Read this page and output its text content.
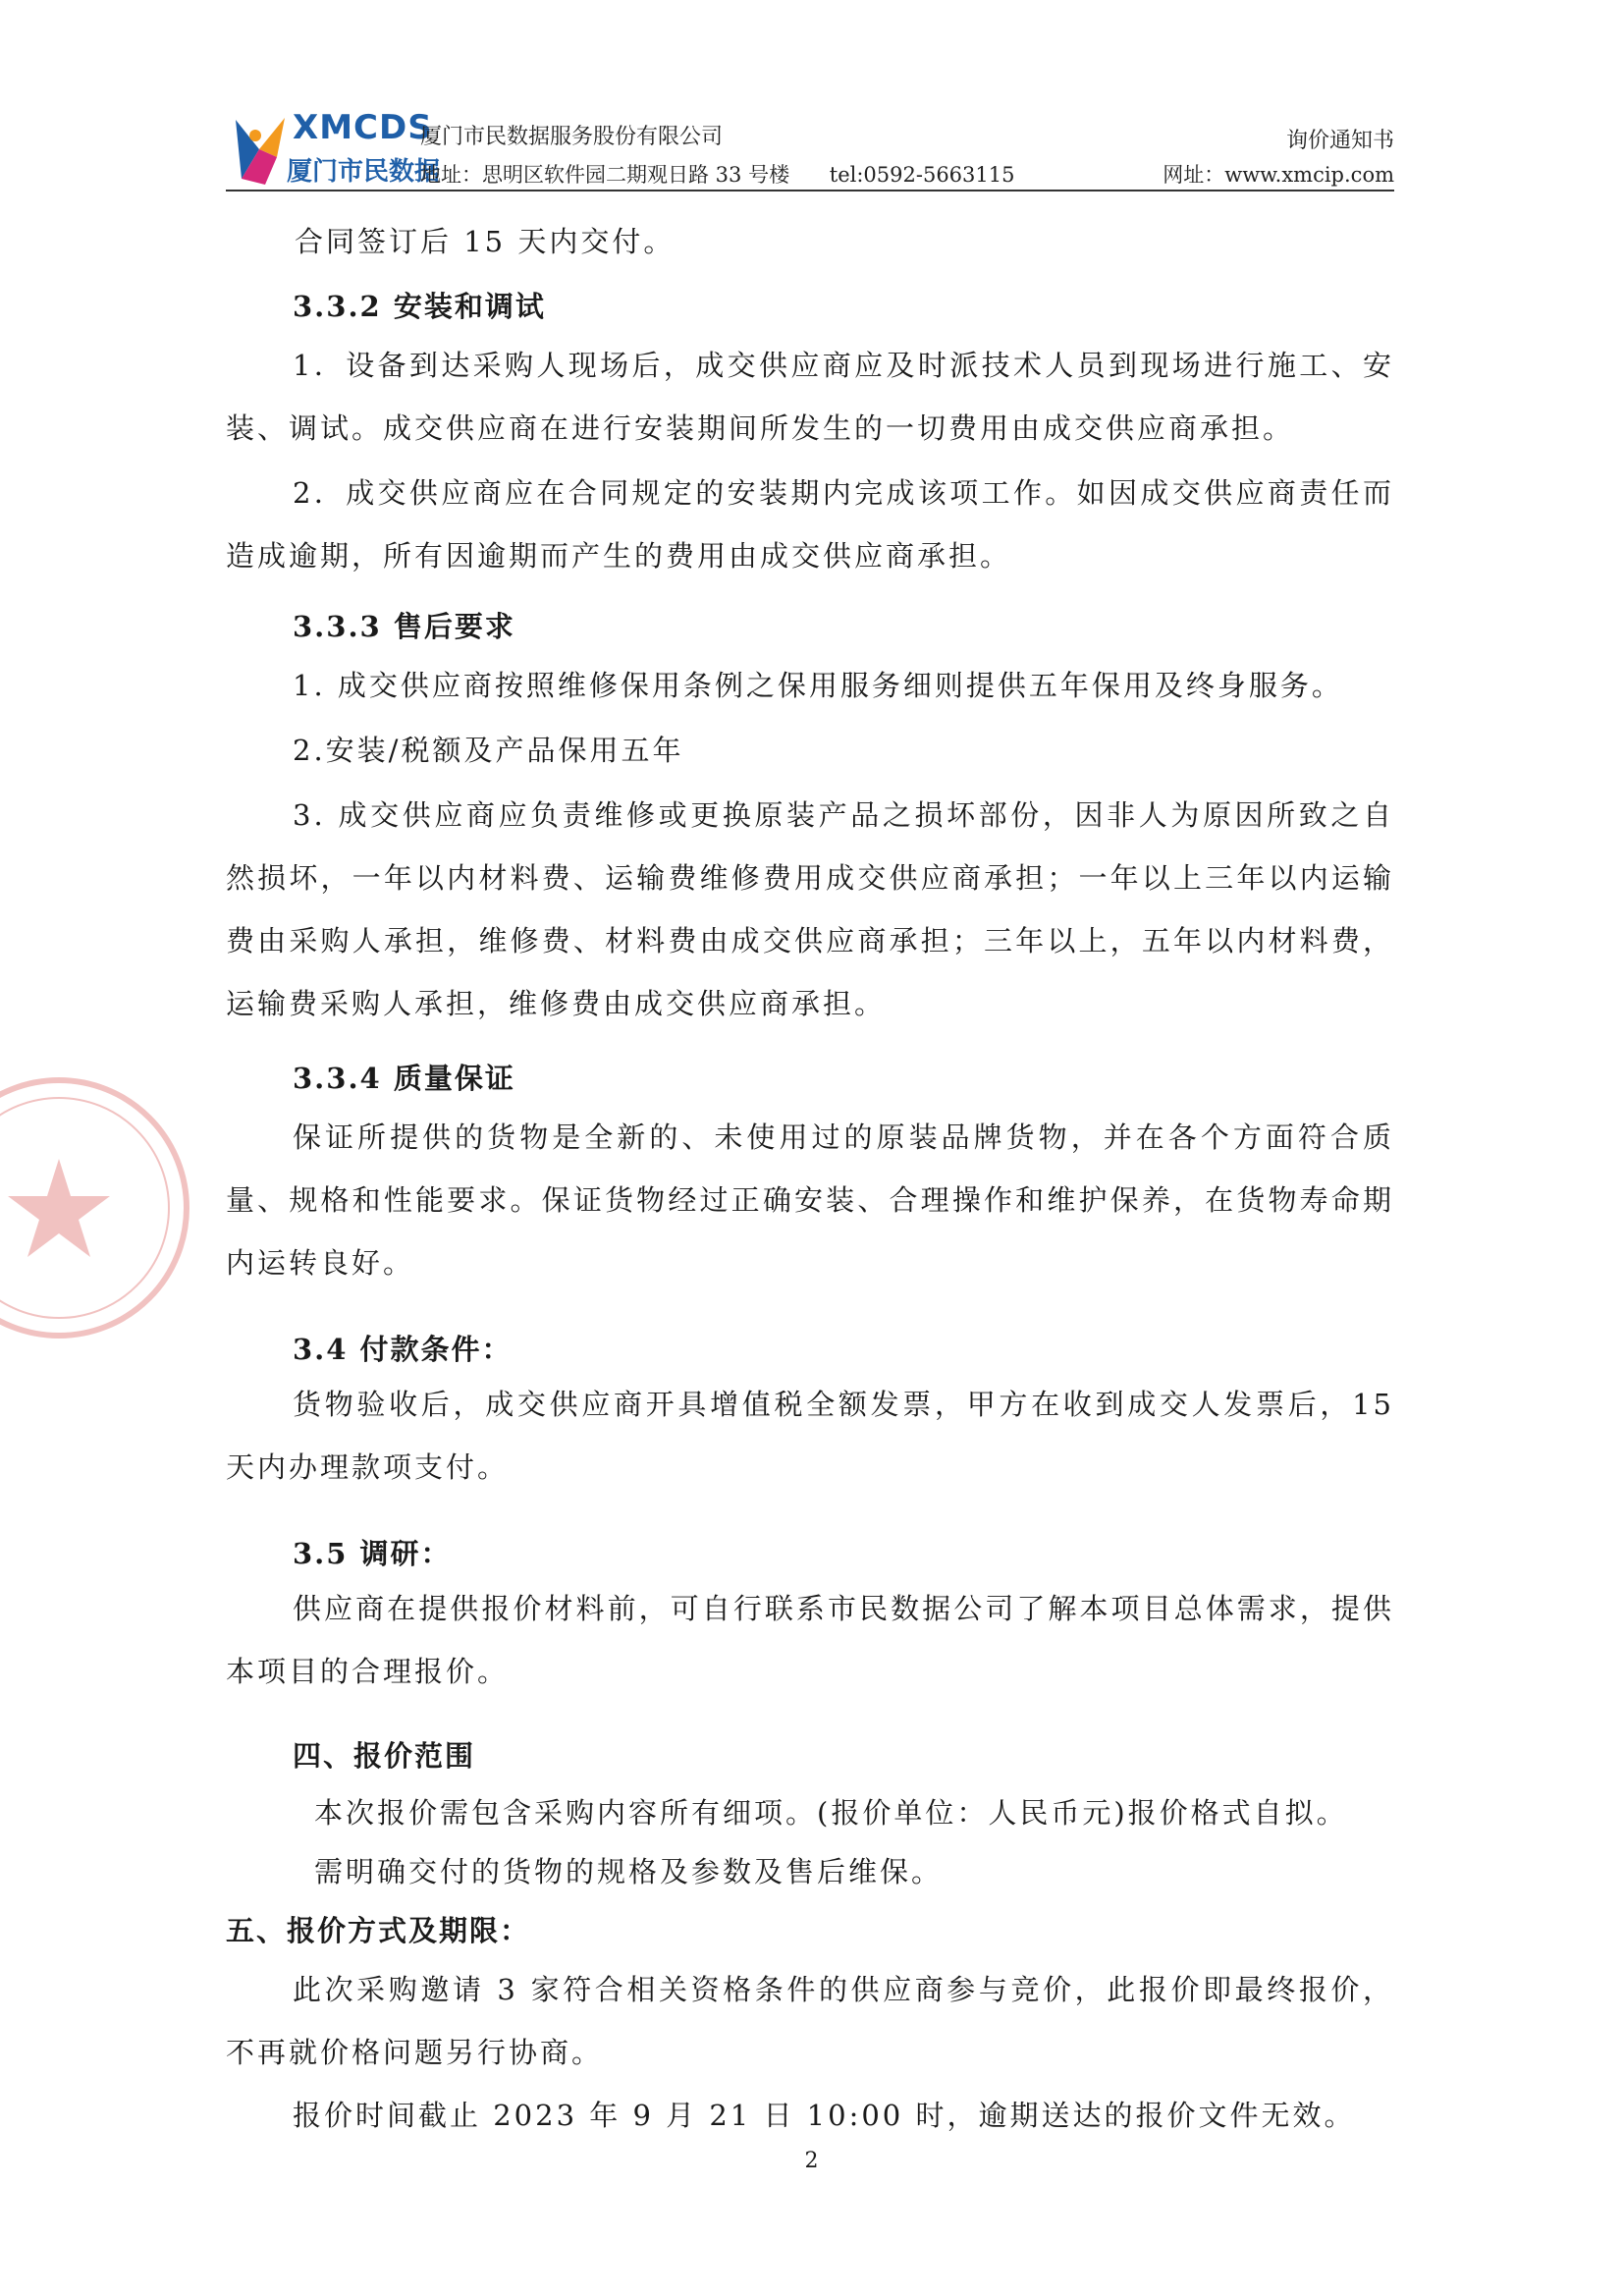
XMCDS
厦门市民数据
厦门市民数据服务股份有限公司
地址：思明区软件园二期观日路 33 号楼 tel:0592-5663115
询价通知书
网址：www.xmcip.com
合同签订后 15 天内交付。
3.3.2 安装和调试
1．设备到达采购人现场后，成交供应商应及时派技术人员到现场进行施工、安装、调试。成交供应商在进行安装期间所发生的一切费用由成交供应商承担。
2．成交供应商应在合同规定的安装期内完成该项工作。如因成交供应商责任而造成逾期，所有因逾期而产生的费用由成交供应商承担。
3.3.3 售后要求
1. 成交供应商按照维修保用条例之保用服务细则提供五年保用及终身服务。
2.安装/税额及产品保用五年
3. 成交供应商应负责维修或更换原装产品之损坏部份，因非人为原因所致之自然损坏，一年以内材料费、运输费维修费用成交供应商承担；一年以上三年以内运输费由采购人承担，维修费、材料费由成交供应商承担；三年以上，五年以内材料费，运输费采购人承担，维修费由成交供应商承担。
3.3.4 质量保证
保证所提供的货物是全新的、未使用过的原装品牌货物，并在各个方面符合质量、规格和性能要求。保证货物经过正确安装、合理操作和维护保养，在货物寿命期内运转良好。
3.4 付款条件：
货物验收后，成交供应商开具增值税全额发票，甲方在收到成交人发票后，15 天内办理款项支付。
3.5 调研：
供应商在提供报价材料前，可自行联系市民数据公司了解本项目总体需求，提供本项目的合理报价。
四、报价范围
本次报价需包含采购内容所有细项。(报价单位：人民币元)报价格式自拟。
需明确交付的货物的规格及参数及售后维保。
五、报价方式及期限：
此次采购邀请 3 家符合相关资格条件的供应商参与竞价，此报价即最终报价，不再就价格问题另行协商。
报价时间截止 2023 年 9 月 21 日 10:00 时，逾期送达的报价文件无效。
2
